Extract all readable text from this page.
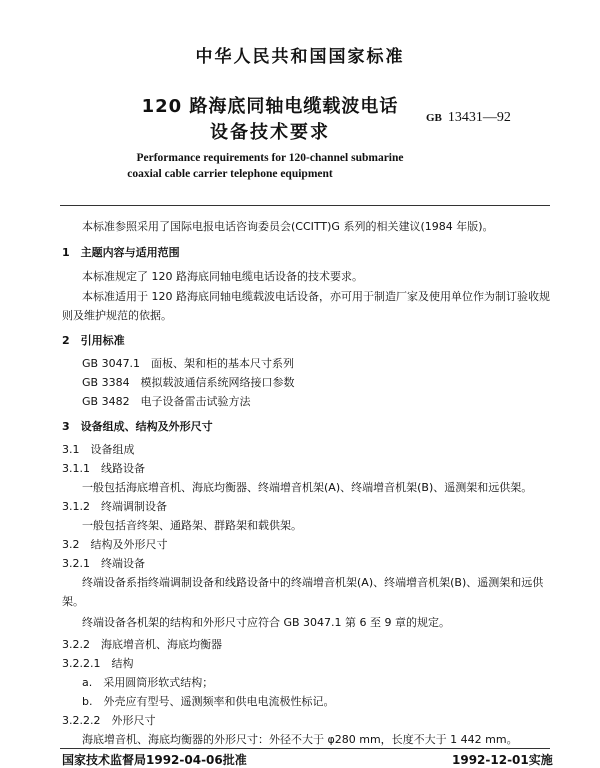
中华人民共和国国家标准
120 路海底同轴电缆载波电话
设备技术要求
GB 13431—92
Performance requirements for 120-channel submarine
coaxial cable carrier telephone equipment
本标准参照采用了国际电报电话咨询委员会(CCITT)G 系列的相关建议(1984 年版)。
1　主题内容与适用范围
本标准规定了 120 路海底同轴电缆电话设备的技术要求。
本标准适用于 120 路海底同轴电缆载波电话设备，亦可用于制造厂家及使用单位作为制订验收规
则及维护规范的依据。
2　引用标准
GB 3047.1　面板、架和柜的基本尺寸系列
GB 3384　模拟载波通信系统网络接口参数
GB 3482　电子设备雷击试验方法
3　设备组成、结构及外形尺寸
3.1　设备组成
3.1.1　线路设备
一般包括海底增音机、海底均衡器、终端增音机架(A)、终端增音机架(B)、遥测架和远供架。
3.1.2　终端调制设备
一般包括音终架、通路架、群路架和载供架。
3.2　结构及外形尺寸
3.2.1　终端设备
终端设备系指终端调制设备和线路设备中的终端增音机架(A)、终端增音机架(B)、遥测架和远供
架。
终端设备各机架的结构和外形尺寸应符合 GB 3047.1 第 6 至 9 章的规定。
3.2.2　海底增音机、海底均衡器
3.2.2.1　结构
a.　采用圆筒形软式结构；
b.　外壳应有型号、遥测频率和供电电流极性标记。
3.2.2.2　外形尺寸
海底增音机、海底均衡器的外形尺寸：外径不大于 φ280 mm，长度不大于 1 442 mm。
国家技术监督局1992-04-06批准	1992-12-01实施
